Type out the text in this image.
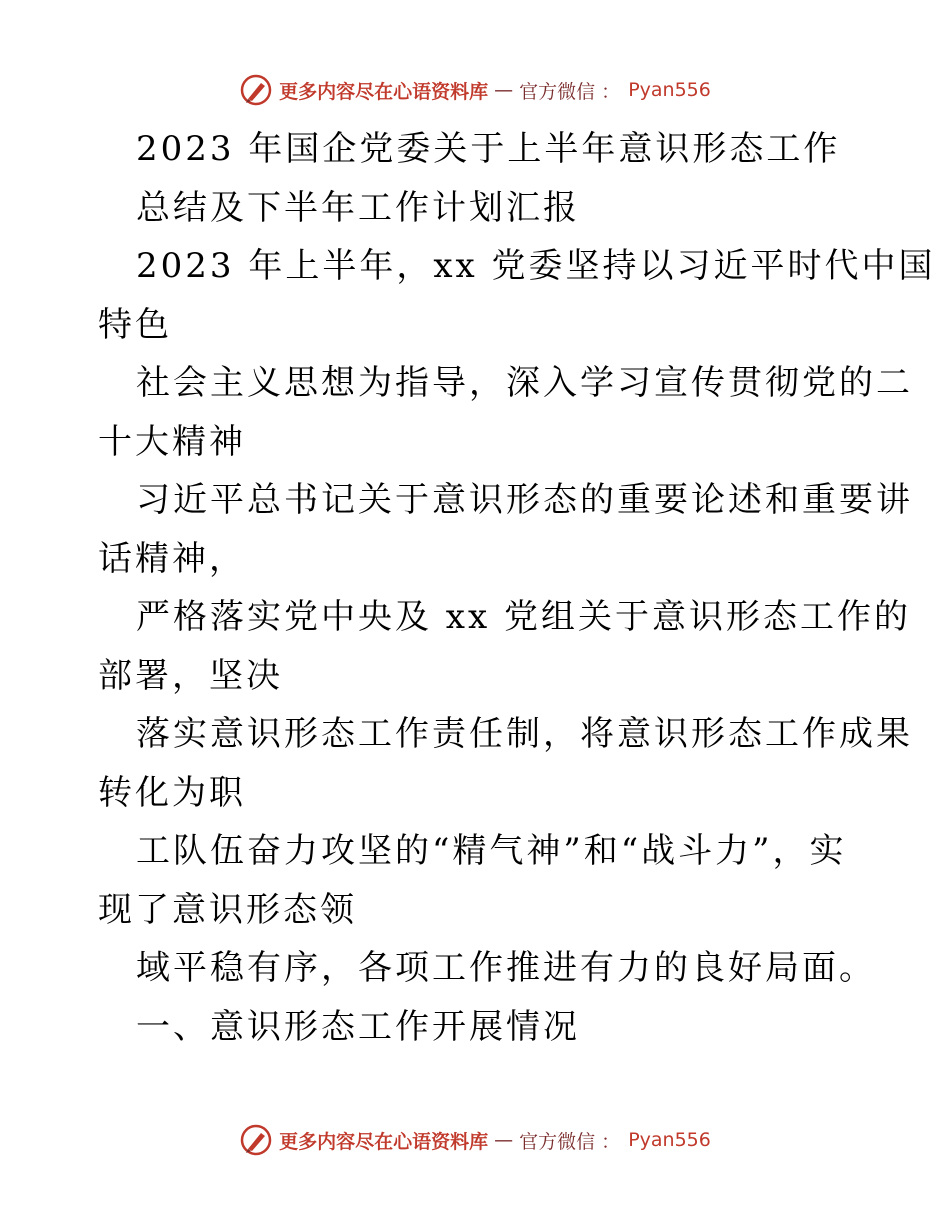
更多内容尽在心语资料库 — 官方微信 ： Pyan556
2023 年国企党委关于上半年意识形态工作
总结及下半年工作计划汇报
2023 年上半年，xx 党委坚持以习近平时代中国
特色
社会主义思想为指导，深入学习宣传贯彻党的二
十大精神
习近平总书记关于意识形态的重要论述和重要讲
话精神，
严格落实党中央及 xx 党组关于意识形态工作的
部署，坚决
落实意识形态工作责任制，将意识形态工作成果
转化为职
工队伍奋力攻坚的“精气神”和“战斗力”，实
现了意识形态领
域平稳有序，各项工作推进有力的良好局面。
一、意识形态工作开展情况
更多内容尽在心语资料库 — 官方微信 ： Pyan556
